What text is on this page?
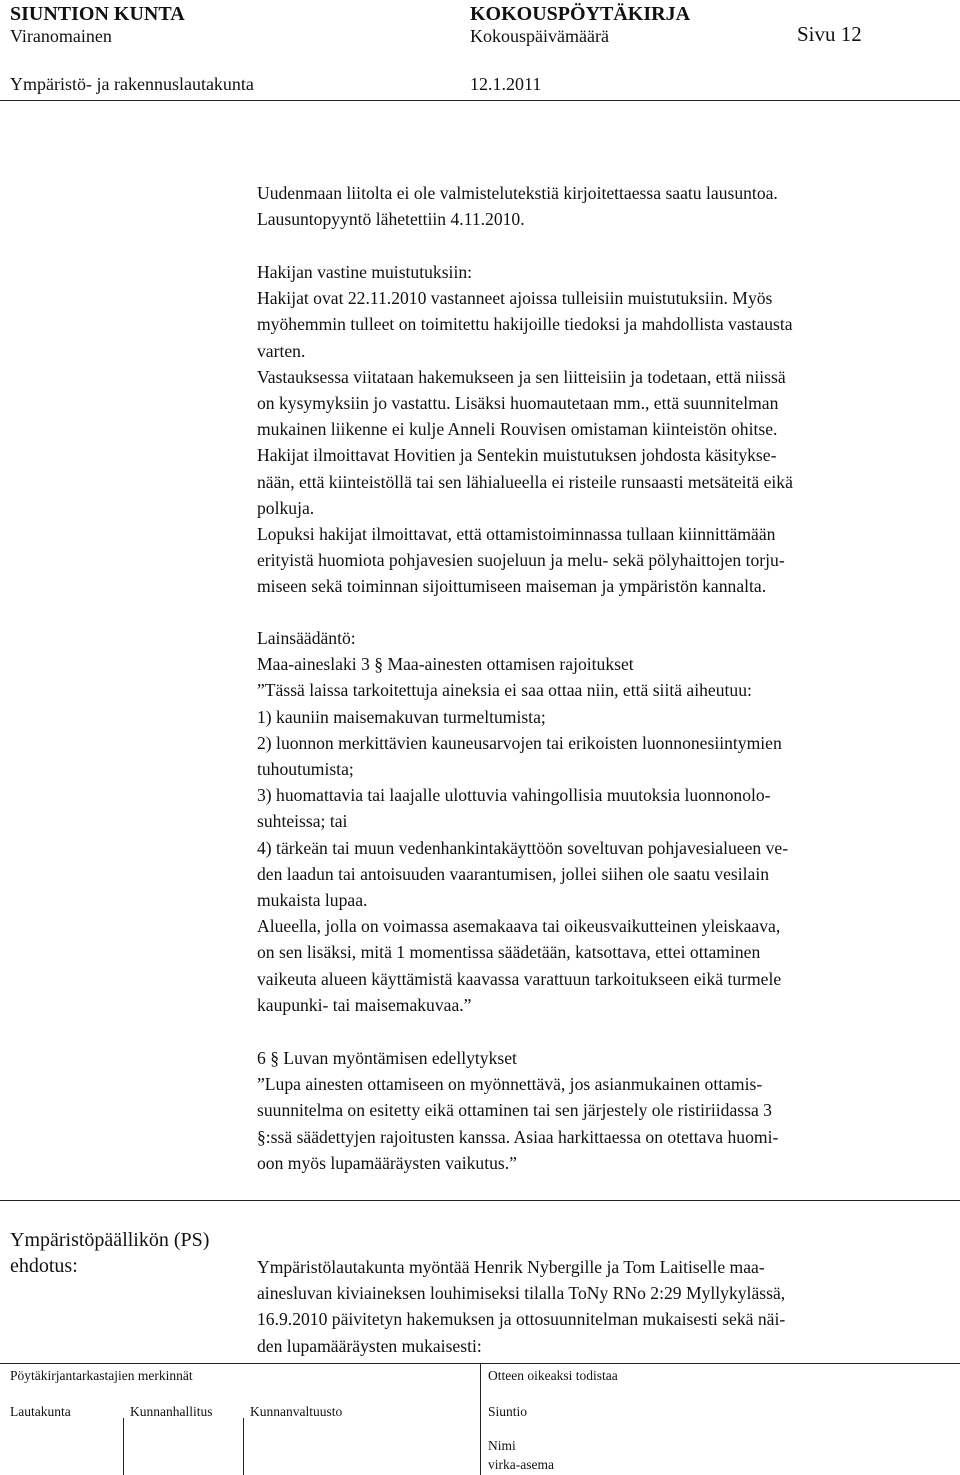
SIUNTION KUNTA	KOKOUSPÖYTÄKIRJA
Viranomainen	Kokouspäivämäärä	Sivu 12
Ympäristö- ja rakennuslautakunta	12.1.2011
Uudenmaan liitolta ei ole valmistelutekstiä kirjoitettaessa saatu lausuntoa.
Lausuntopyyntö lähetettiin 4.11.2010.
Hakijan vastine muistutuksiin:
Hakijat ovat 22.11.2010 vastanneet ajoissa tulleisiin muistutuksiin. Myös
myöhemmin tulleet on toimitettu hakijoille tiedoksi ja mahdollista vastausta
varten.
Vastauksessa viitataan hakemukseen ja sen liitteisiin ja todetaan, että niissä
on kysymyksiin jo vastattu. Lisäksi huomautetaan mm., että suunnitelman
mukainen liikenne ei kulje Anneli Rouvisen omistaman kiinteistön ohitse.
Hakijat ilmoittavat Hovitien ja Sentekin muistutuksen johdosta käsitykse-
nään, että kiinteistöllä tai sen lähialueella ei risteile runsaasti metsäteitä eikä
polkuja.
Lopuksi hakijat ilmoittavat, että ottamistoiminnassa tullaan kiinnittämään
erityistä huomiota pohjavesien suojeluun ja melu- sekä pölyhaittojen torju-
miseen sekä toiminnan sijoittumiseen maiseman ja ympäristön kannalta.
Lainsäädäntö:
Maa-aineslaki 3 § Maa-ainesten ottamisen rajoitukset
”Tässä laissa tarkoitettuja aineksia ei saa ottaa niin, että siitä aiheutuu:
1) kauniin maisemakuvan turmeltumista;
2) luonnon merkittävien kauneusarvojen tai erikoisten luonnonesiintymien
tuhoutumista;
3) huomattavia tai laajalle ulottuvia vahingollisia muutoksia luonnonolo-
suhteissa; tai
4) tärkeän tai muun vedenhankintakäyttöön soveltuvan pohjavesialueen ve-
den laadun tai antoisuuden vaarantumisen, jollei siihen ole saatu vesilain
mukaista lupaa.
Alueella, jolla on voimassa asemakaava tai oikeusvaikutteinen yleiskaava,
on sen lisäksi, mitä 1 momentissa säädetään, katsottava, ettei ottaminen
vaikeuta alueen käyttämistä kaavassa varattuun tarkoitukseen eikä turmele
kaupunki- tai maisemakuvaa.”
6 § Luvan myöntämisen edellytykset
”Lupa ainesten ottamiseen on myönnettävä, jos asianmukainen ottamis-
suunnitelma on esitetty eikä ottaminen tai sen järjestely ole ristiriidassa 3
§:ssä säädettyjen rajoitusten kanssa. Asiaa harkittaessa on otettava huomi-
oon myös lupamääräysten vaikutus.”
Ympäristöpäällikön (PS)
ehdotus:	Ympäristölautakunta myöntää Henrik Nybergille ja Tom Laitiselle maa-
ainesluvan kiviaineksen louhimiseksi tilalla ToNy RNo 2:29 Myllykylässä,
16.9.2010 päivitetyn hakemuksen ja ottosuunnitelman mukaisesti sekä näi-
den lupamääräysten mukaisesti:
Pöytäkirjantarkastajien merkinnät	Otteen oikeaksi todistaa
Lautakunta	Kunnanhallitus	Kunnanvaltuusto	Siuntio
Nimi
virka-asema
